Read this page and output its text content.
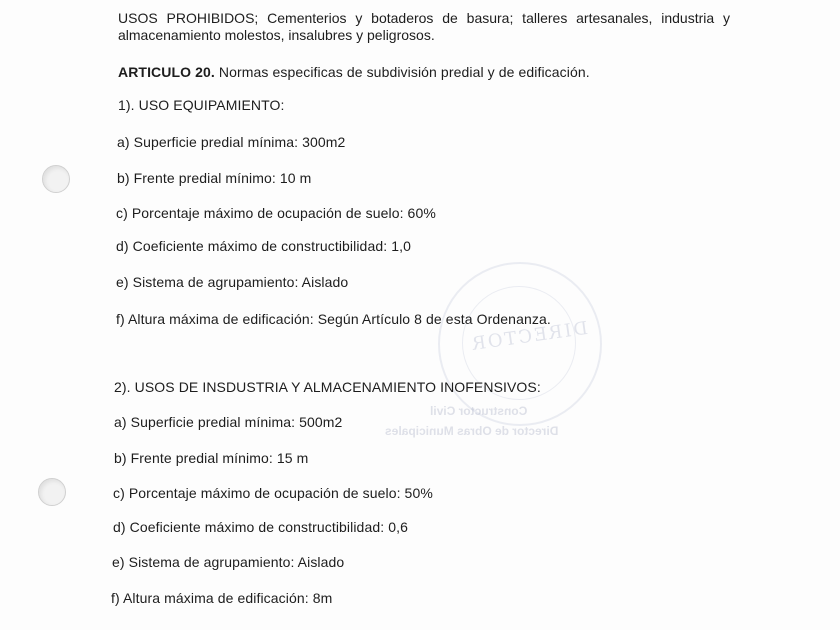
DIRECTOR
Constructor Civil
Director de Obras Municipales
USOS PROHIBIDOS; Cementerios y botaderos de basura; talleres artesanales, industria y almacenamiento molestos, insalubres y peligrosos.
ARTICULO 20. Normas especificas de subdivisión predial y de edificación.
1). USO EQUIPAMIENTO:
a) Superficie predial mínima: 300m2
b) Frente predial mínimo: 10 m
c) Porcentaje máximo de ocupación de suelo: 60%
d) Coeficiente máximo de constructibilidad: 1,0
e) Sistema de agrupamiento: Aislado
f) Altura máxima de edificación: Según Artículo 8 de esta Ordenanza.
2). USOS DE INSDUSTRIA Y ALMACENAMIENTO INOFENSIVOS:
a) Superficie predial mínima: 500m2
b) Frente predial mínimo: 15 m
c) Porcentaje máximo de ocupación de suelo: 50%
d) Coeficiente máximo de constructibilidad: 0,6
e) Sistema de agrupamiento: Aislado
f) Altura máxima de edificación: 8m
